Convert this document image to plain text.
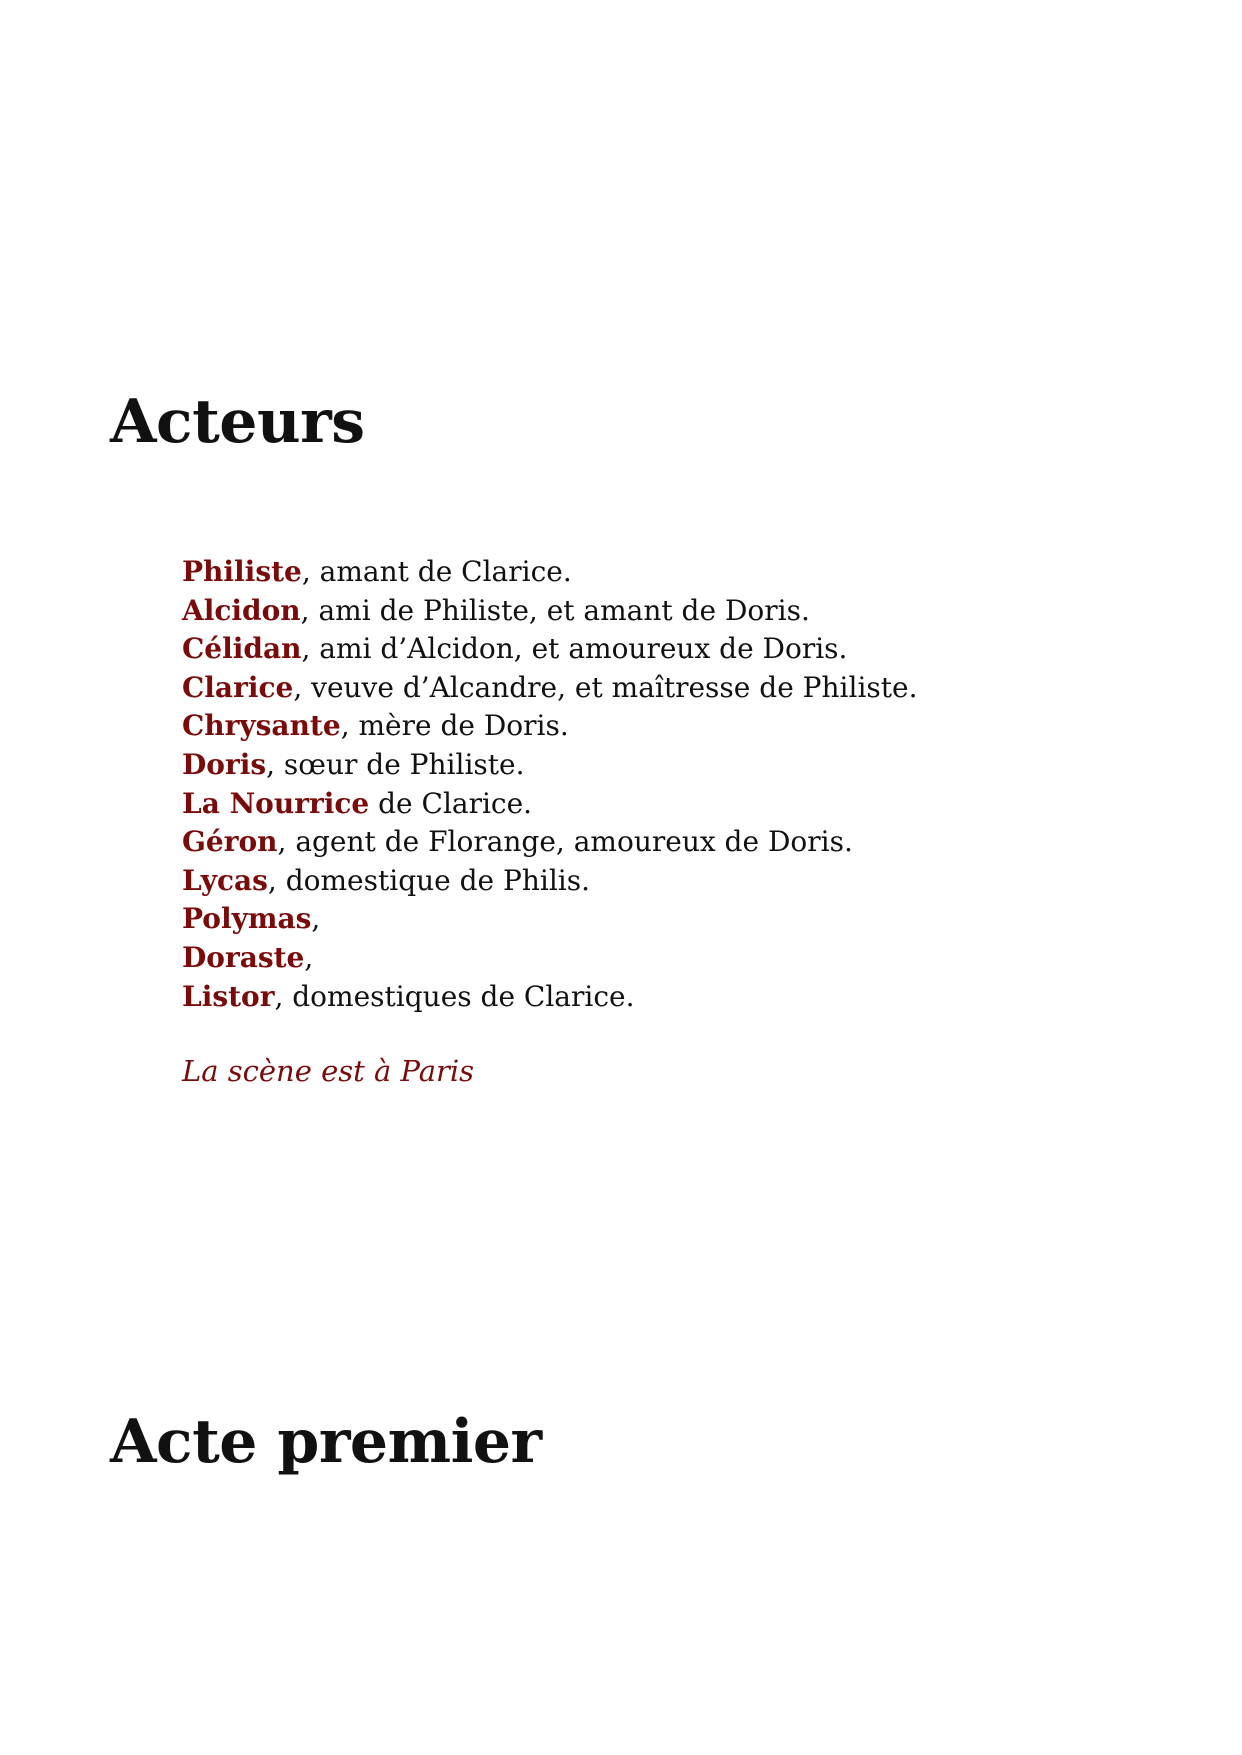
Acteurs
Philiste, amant de Clarice.
Alcidon, ami de Philiste, et amant de Doris.
Célidan, ami d’Alcidon, et amoureux de Doris.
Clarice, veuve d’Alcandre, et maîtresse de Philiste.
Chrysante, mère de Doris.
Doris, sœur de Philiste.
La Nourrice de Clarice.
Géron, agent de Florange, amoureux de Doris.
Lycas, domestique de Philis.
Polymas,
Doraste,
Listor, domestiques de Clarice.

La scène est à Paris

Acte premier
